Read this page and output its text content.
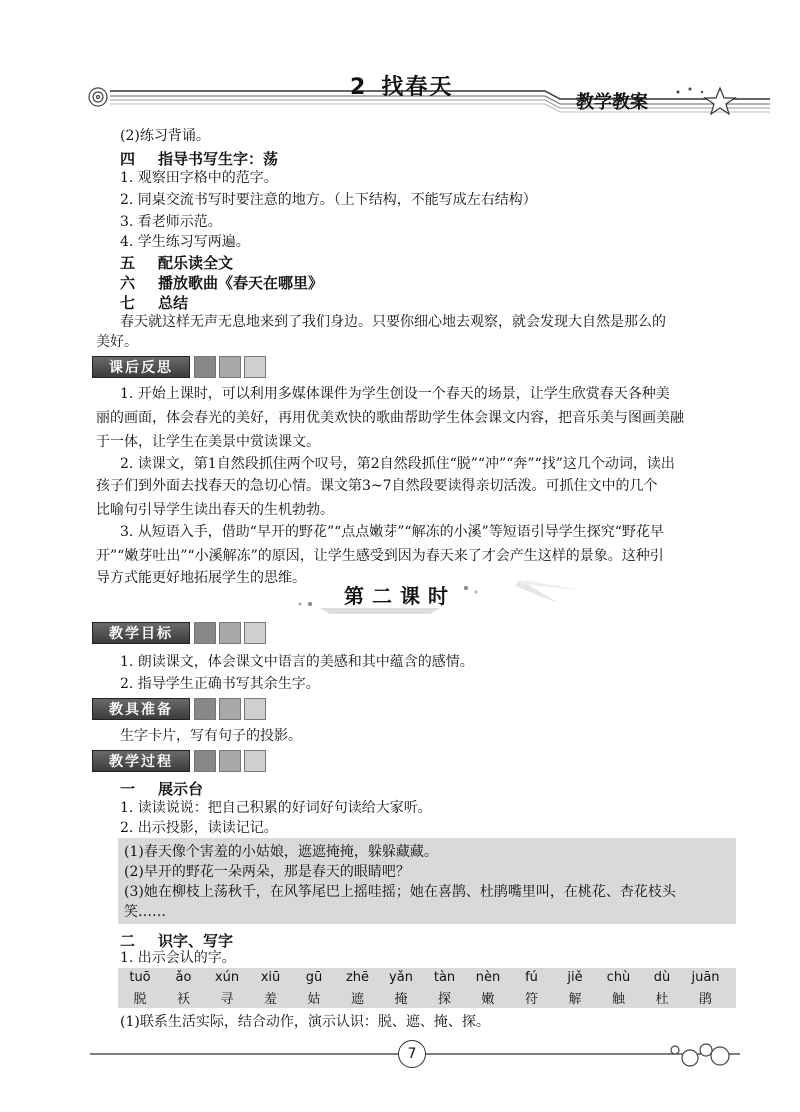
2 找春天
教学教案
(2)练习背诵。
四 指导书写生字：荡
1. 观察田字格中的范字。
2. 同桌交流书写时要注意的地方。（上下结构，不能写成左右结构）
3. 看老师示范。
4. 学生练习写两遍。
五 配乐读全文
六 播放歌曲《春天在哪里》
七 总结
春天就这样无声无息地来到了我们身边。只要你细心地去观察，就会发现大自然是那么的
美好。
课后反思
1. 开始上课时，可以利用多媒体课件为学生创设一个春天的场景，让学生欣赏春天各种美
丽的画面，体会春光的美好，再用优美欢快的歌曲帮助学生体会课文内容，把音乐美与图画美融
于一体，让学生在美景中赏读课文。
2. 读课文，第1自然段抓住两个叹号，第2自然段抓住“脱”“冲”“奔”“找”这几个动词，读出
孩子们到外面去找春天的急切心情。课文第3~7自然段要读得亲切活泼。可抓住文中的几个
比喻句引导学生读出春天的生机勃勃。
3. 从短语入手，借助“早开的野花”“点点嫩芽”“解冻的小溪”等短语引导学生探究“野花早
开”“嫩芽吐出”“小溪解冻”的原因，让学生感受到因为春天来了才会产生这样的景象。这种引
导方式能更好地拓展学生的思维。
第二课时
教学目标
1. 朗读课文，体会课文中语言的美感和其中蕴含的感情。
2. 指导学生正确书写其余生字。
教具准备
生字卡片，写有句子的投影。
教学过程
一 展示台
1. 读读说说：把自己积累的好词好句读给大家听。
2. 出示投影，读读记记。
(1)春天像个害羞的小姑娘，遮遮掩掩，躲躲藏藏。
(2)早开的野花一朵两朵，那是春天的眼睛吧？
(3)她在柳枝上荡秋千，在风筝尾巴上摇哇摇；她在喜鹊、杜鹃嘴里叫，在桃花、杏花枝头
笑……
二 识字、写字
1. 出示会认的字。
tuō
脱
ǎo
袄
xún
寻
xiū
羞
gū
姑
zhē
遮
yǎn
掩
tàn
探
nèn
嫩
fú
符
jiě
解
chù
触
dù
杜
juān
鹃
(1)联系生活实际，结合动作，演示认识：脱、遮、掩、探。
7
